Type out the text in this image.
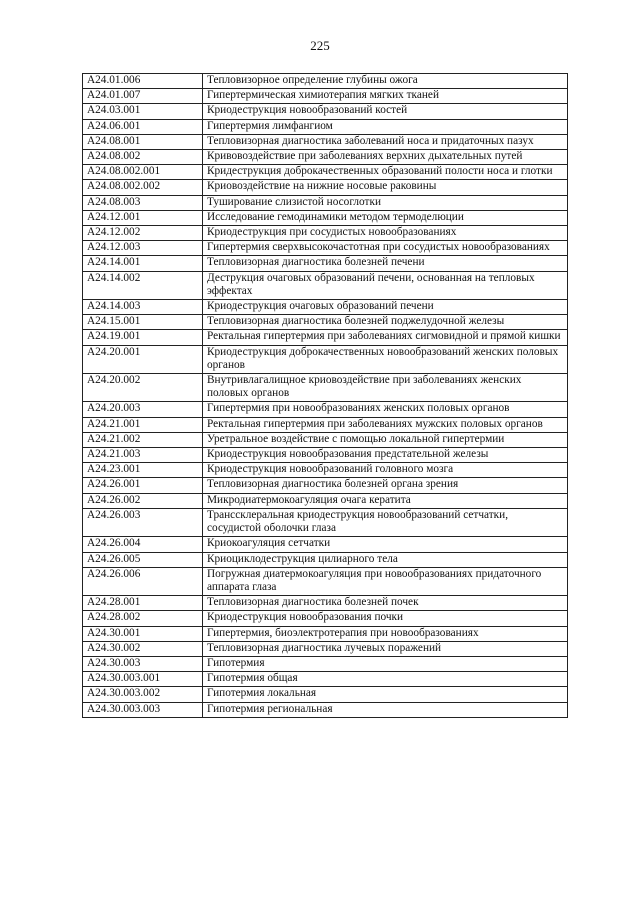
225
A24.01.006	Тепловизорное определение глубины ожога
A24.01.007	Гипертермическая химиотерапия мягких тканей
A24.03.001	Криодеструкция новообразований костей
A24.06.001	Гипертермия лимфангиом
A24.08.001	Тепловизорная диагностика заболеваний носа и придаточных пазух
A24.08.002	Кривовоздействие при заболеваниях верхних дыхательных путей
A24.08.002.001	Кридеструкция доброкачественных образований полости носа и глотки
A24.08.002.002	Криовоздействие на нижние носовые раковины
A24.08.003	Туширование слизистой носоглотки
A24.12.001	Исследование гемодинамики методом термоделюции
A24.12.002	Криодеструкция при сосудистых новообразованиях
A24.12.003	Гипертермия сверхвысокочастотная при сосудистых новообразованиях
A24.14.001	Тепловизорная диагностика болезней печени
A24.14.002	Деструкция очаговых образований печени, основанная на тепловых эффектах
A24.14.003	Криодеструкция очаговых образований печени
A24.15.001	Тепловизорная диагностика болезней поджелудочной железы
A24.19.001	Ректальная гипертермия при заболеваниях сигмовидной и прямой кишки
A24.20.001	Криодеструкция доброкачественных новообразований женских половых органов
A24.20.002	Внутривлагалищное криовоздействие при заболеваниях женских половых органов
A24.20.003	Гипертермия при новообразованиях женских половых органов
A24.21.001	Ректальная гипертермия при заболеваниях мужских половых органов
A24.21.002	Уретральное воздействие с помощью локальной гипертермии
A24.21.003	Криодеструкция новообразования предстательной железы
A24.23.001	Криодеструкция новообразований головного мозга
A24.26.001	Тепловизорная диагностика болезней органа зрения
A24.26.002	Микродиатермокоагуляция очага кератита
A24.26.003	Транссклеральная криодеструкция новообразований сетчатки, сосудистой оболочки глаза
A24.26.004	Криокоагуляция сетчатки
A24.26.005	Криоциклодеструкция цилиарного тела
A24.26.006	Погружная диатермокоагуляция при новообразованиях придаточного аппарата глаза
A24.28.001	Тепловизорная диагностика болезней почек
A24.28.002	Криодеструкция новообразования почки
A24.30.001	Гипертермия, биоэлектротерапия при новообразованиях
A24.30.002	Тепловизорная диагностика лучевых поражений
A24.30.003	Гипотермия
A24.30.003.001	Гипотермия общая
A24.30.003.002	Гипотермия локальная
A24.30.003.003	Гипотермия региональная
